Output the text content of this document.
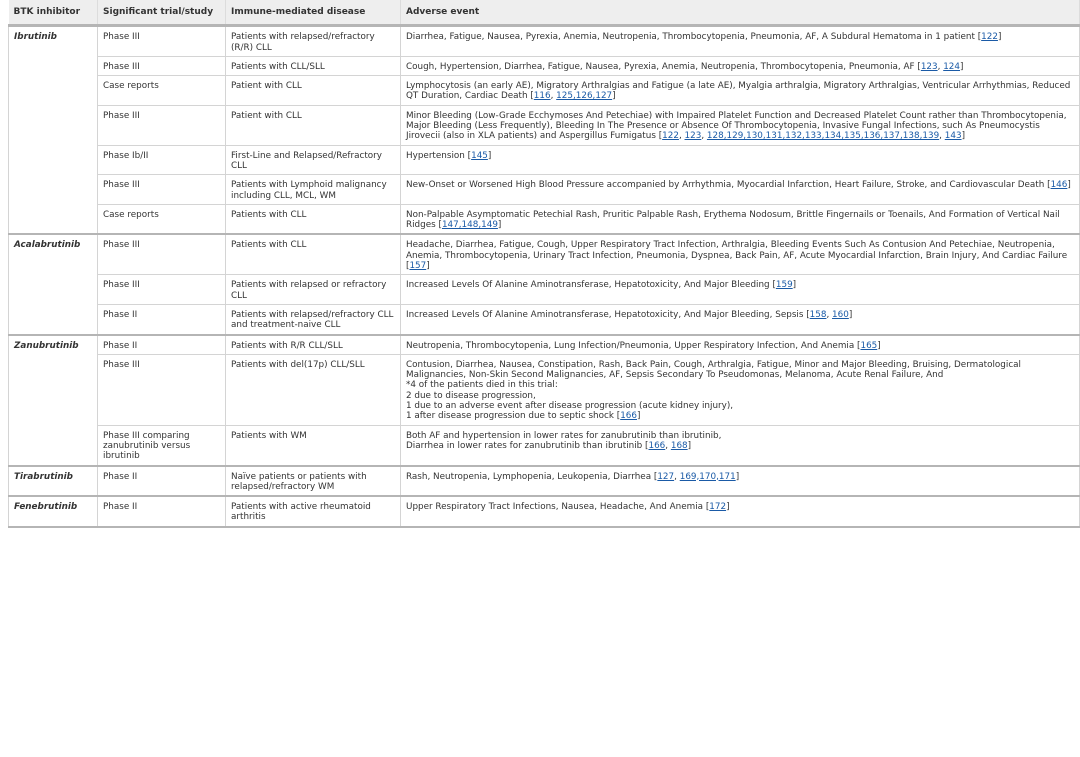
BTK inhibitor	Significant trial/study	Immune-mediated disease	Adverse event
Ibrutinib	Phase III	Patients with relapsed/refractory (R/R) CLL	Diarrhea, Fatigue, Nausea, Pyrexia, Anemia, Neutropenia, Thrombocytopenia, Pneumonia, AF, A Subdural Hematoma in 1 patient [122]
	Phase III	Patients with CLL/SLL	Cough, Hypertension, Diarrhea, Fatigue, Nausea, Pyrexia, Anemia, Neutropenia, Thrombocytopenia, Pneumonia, AF [123, 124]
	Case reports	Patient with CLL	Lymphocytosis (an early AE), Migratory Arthralgias and Fatigue (a late AE), Myalgia arthralgia, Migratory Arthralgias, Ventricular Arrhythmias, Reduced QT Duration, Cardiac Death [116, 125,126,127]
	Phase III	Patient with CLL	Minor Bleeding (Low-Grade Ecchymoses And Petechiae) with Impaired Platelet Function and Decreased Platelet Count rather than Thrombocytopenia, Major Bleeding (Less Frequently), Bleeding In The Presence or Absence Of Thrombocytopenia, Invasive Fungal Infections, such As Pneumocystis Jirovecii (also in XLA patients) and Aspergillus Fumigatus [122, 123, 128,129,130,131,132,133,134,135,136,137,138,139, 143]
	Phase Ib/II	First-Line and Relapsed/Refractory CLL	Hypertension [145]
	Phase III	Patients with Lymphoid malignancy including CLL, MCL, WM	New-Onset or Worsened High Blood Pressure accompanied by Arrhythmia, Myocardial Infarction, Heart Failure, Stroke, and Cardiovascular Death [146]
	Case reports	Patients with CLL	Non-Palpable Asymptomatic Petechial Rash, Pruritic Palpable Rash, Erythema Nodosum, Brittle Fingernails or Toenails, And Formation of Vertical Nail Ridges [147,148,149]
Acalabrutinib	Phase III	Patients with CLL	Headache, Diarrhea, Fatigue, Cough, Upper Respiratory Tract Infection, Arthralgia, Bleeding Events Such As Contusion And Petechiae, Neutropenia, Anemia, Thrombocytopenia, Urinary Tract Infection, Pneumonia, Dyspnea, Back Pain, AF, Acute Myocardial Infarction, Brain Injury, And Cardiac Failure [157]
	Phase III	Patients with relapsed or refractory CLL	Increased Levels Of Alanine Aminotransferase, Hepatotoxicity, And Major Bleeding [159]
	Phase II	Patients with relapsed/refractory CLL and treatment-naive CLL	Increased Levels Of Alanine Aminotransferase, Hepatotoxicity, And Major Bleeding, Sepsis [158, 160]
Zanubrutinib	Phase II	Patients with R/R CLL/SLL	Neutropenia, Thrombocytopenia, Lung Infection/Pneumonia, Upper Respiratory Infection, And Anemia [165]
	Phase III	Patients with del(17p) CLL/SLL	Contusion, Diarrhea, Nausea, Constipation, Rash, Back Pain, Cough, Arthralgia, Fatigue, Minor and Major Bleeding, Bruising, Dermatological Malignancies, Non-Skin Second Malignancies, AF, Sepsis Secondary To Pseudomonas, Melanoma, Acute Renal Failure, And
*4 of the patients died in this trial:
2 due to disease progression,
1 due to an adverse event after disease progression (acute kidney injury),
1 after disease progression due to septic shock [166]

	Phase III comparing zanubrutinib versus ibrutinib	Patients with WM	Both AF and hypertension in lower rates for zanubrutinib than ibrutinib,
Diarrhea in lower rates for zanubrutinib than ibrutinib [166, 168]

Tirabrutinib	Phase II	Naïve patients or patients with relapsed/refractory WM	Rash, Neutropenia, Lymphopenia, Leukopenia, Diarrhea [127, 169,170,171]
Fenebrutinib	Phase II	Patients with active rheumatoid arthritis	Upper Respiratory Tract Infections, Nausea, Headache, And Anemia [172]
